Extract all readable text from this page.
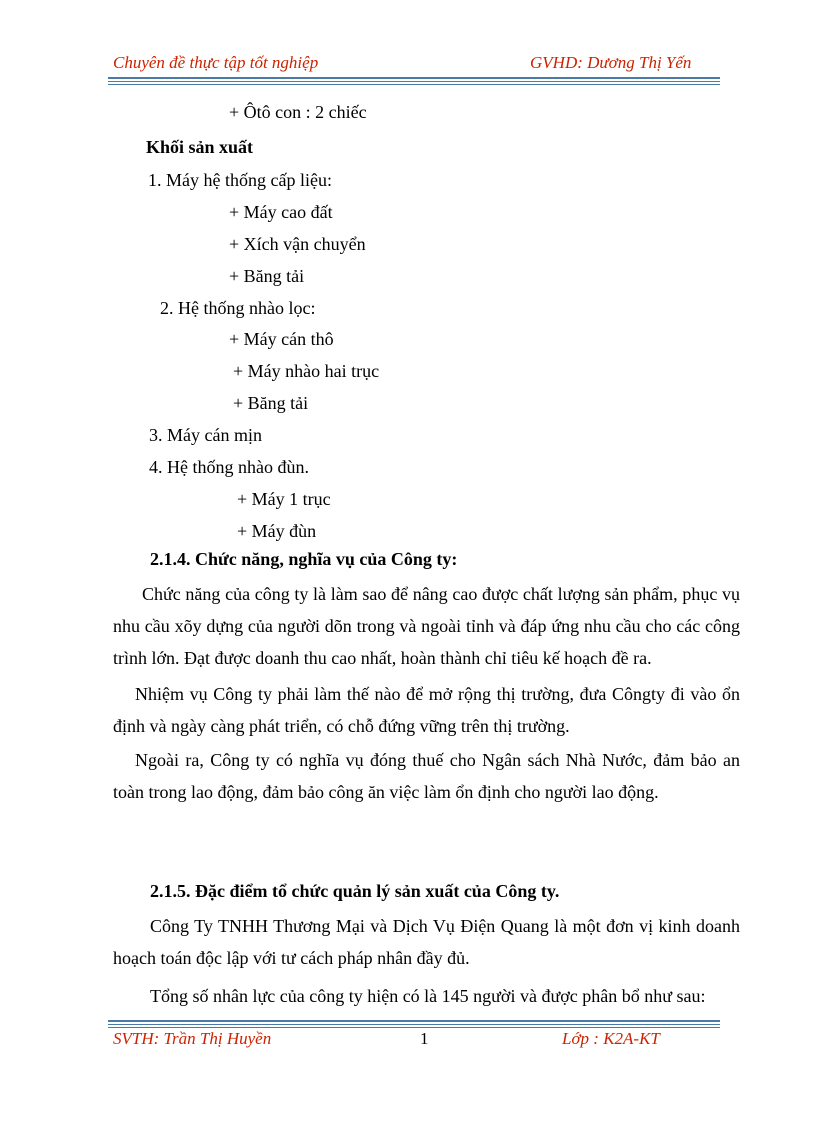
Chuyên đề thực tập tốt nghiệp	GVHD: Dương Thị Yến
+ Ôtô con : 2 chiếc
Khối sản xuất
1. Máy hệ thống cấp liệu:
+ Máy cao đất
+ Xích vận chuyển
+ Băng tải
2. Hệ thống nhào lọc:
+ Máy cán thô
+ Máy nhào hai trục
+ Băng tải
3. Máy cán mịn
4. Hệ thống nhào đùn.
+ Máy 1 trục
+ Máy đùn
2.1.4. Chức năng, nghĩa vụ của Công ty:
Chức năng của công ty là làm sao để nâng cao được chất lượng sản phẩm, phục vụ nhu cầu xõy dựng của người dõn trong và ngoài tỉnh và đáp ứng nhu cầu cho các công trình lớn. Đạt được doanh thu cao nhất, hoàn thành chỉ tiêu kế hoạch đề ra.
Nhiệm vụ Công ty phải làm thế nào để mở rộng thị trường, đưa Côngty đi vào ổn định và ngày càng phát triển, có chỗ đứng vững trên thị trường.
Ngoài ra, Công ty có nghĩa vụ đóng thuế cho Ngân sách Nhà Nước, đảm bảo an toàn trong lao động, đảm bảo công ăn việc làm ổn định cho người lao động.
2.1.5. Đặc điểm tổ chức quản lý sản xuất của Công ty.
Công Ty TNHH Thương Mại và Dịch Vụ Điện Quang là một đơn vị kinh doanh hoạch toán độc lập với tư cách pháp nhân đầy đủ.
Tổng số nhân lực của công ty hiện có là 145 người và được phân bổ như sau:
SVTH: Trần Thị Huyền	1	Lớp : K2A-KT
